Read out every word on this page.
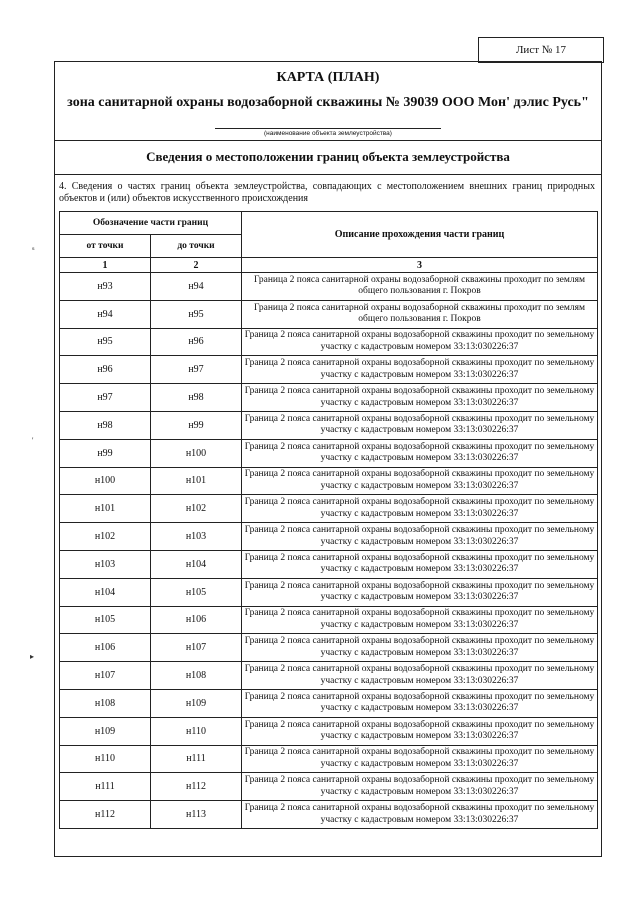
Лист № 17
ₛ
'
▸
КАРТА (ПЛАН)
зона санитарной охраны водозаборной скважины № 39039 ООО Мон' дэлис Русь"
(наименование объекта землеустройства)
Сведения о местоположении границ объекта землеустройства
4. Сведения о частях границ объекта землеустройства, совпадающих с местоположением внешних границ природных объектов и (или) объектов искусственного происхождения
Обозначение части границ		Описание прохождения части границ
от точки	до точки	
1	2	3
н93	н94	Граница 2 пояса санитарной охраны водозаборной скважины проходит по землям общего пользования г. Покров
н94	н95	Граница 2 пояса санитарной охраны водозаборной скважины проходит по землям общего пользования г. Покров
н95	н96	Граница 2 пояса санитарной охраны водозаборной скважины проходит по земельному участку с кадастровым номером 33:13:030226:37
н96	н97	Граница 2 пояса санитарной охраны водозаборной скважины проходит по земельному участку с кадастровым номером 33:13:030226:37
н97	н98	Граница 2 пояса санитарной охраны водозаборной скважины проходит по земельному участку с кадастровым номером 33:13:030226:37
н98	н99	Граница 2 пояса санитарной охраны водозаборной скважины проходит по земельному участку с кадастровым номером 33:13:030226:37
н99	н100	Граница 2 пояса санитарной охраны водозаборной скважины проходит по земельному участку с кадастровым номером 33:13:030226:37
н100	н101	Граница 2 пояса санитарной охраны водозаборной скважины проходит по земельному участку с кадастровым номером 33:13:030226:37
н101	н102	Граница 2 пояса санитарной охраны водозаборной скважины проходит по земельному участку с кадастровым номером 33:13:030226:37
н102	н103	Граница 2 пояса санитарной охраны водозаборной скважины проходит по земельному участку с кадастровым номером 33:13:030226:37
н103	н104	Граница 2 пояса санитарной охраны водозаборной скважины проходит по земельному участку с кадастровым номером 33:13:030226:37
н104	н105	Граница 2 пояса санитарной охраны водозаборной скважины проходит по земельному участку с кадастровым номером 33:13:030226:37
н105	н106	Граница 2 пояса санитарной охраны водозаборной скважины проходит по земельному участку с кадастровым номером 33:13:030226:37
н106	н107	Граница 2 пояса санитарной охраны водозаборной скважины проходит по земельному участку с кадастровым номером 33:13:030226:37
н107	н108	Граница 2 пояса санитарной охраны водозаборной скважины проходит по земельному участку с кадастровым номером 33:13:030226:37
н108	н109	Граница 2 пояса санитарной охраны водозаборной скважины проходит по земельному участку с кадастровым номером 33:13:030226:37
н109	н110	Граница 2 пояса санитарной охраны водозаборной скважины проходит по земельному участку с кадастровым номером 33:13:030226:37
н110	н111	Граница 2 пояса санитарной охраны водозаборной скважины проходит по земельному участку с кадастровым номером 33:13:030226:37
н111	н112	Граница 2 пояса санитарной охраны водозаборной скважины проходит по земельному участку с кадастровым номером 33:13:030226:37
н112	н113	Граница 2 пояса санитарной охраны водозаборной скважины проходит по земельному участку с кадастровым номером 33:13:030226:37
